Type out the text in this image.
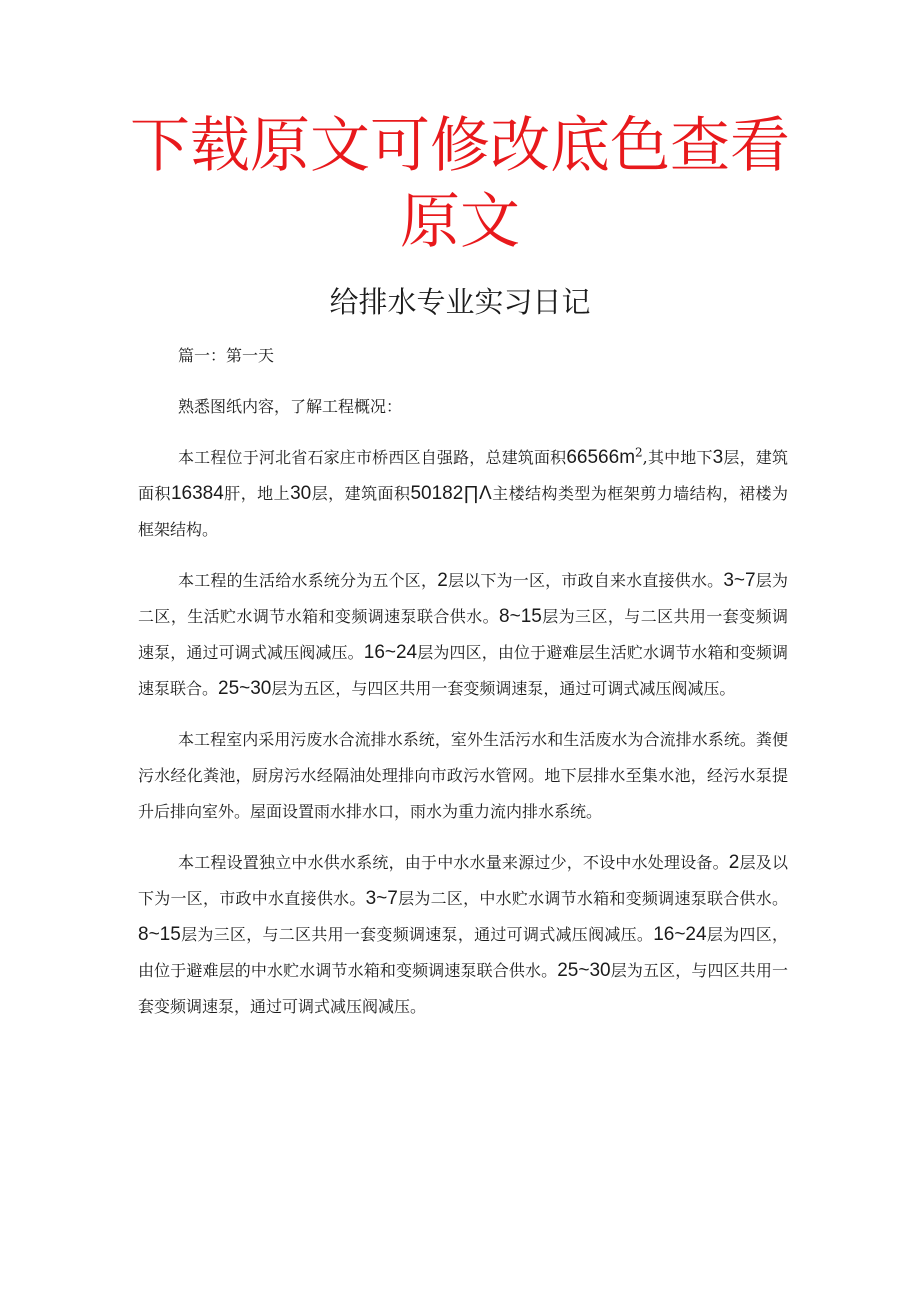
下载原文可修改底色查看
原文
给排水专业实习日记
篇一：第一天
熟悉图纸内容，了解工程概况：
本工程位于河北省石家庄市桥西区自强路，总建筑面积$66566m^2$,其中地下3层，建筑面积16384肝，地上30层，建筑面积50182∏Λ主楼结构类型为框架剪力墙结构，裙楼为框架结构。
本工程的生活给水系统分为五个区，2层以下为一区，市政自来水直接供水。3~7层为二区，生活贮水调节水箱和变频调速泵联合供水。8~15层为三区，与二区共用一套变频调速泵，通过可调式减压阀减压。16~24层为四区，由位于避难层生活贮水调节水箱和变频调速泵联合。25~30层为五区，与四区共用一套变频调速泵，通过可调式减压阀减压。
本工程室内采用污废水合流排水系统，室外生活污水和生活废水为合流排水系统。粪便污水经化粪池，厨房污水经隔油处理排向市政污水管网。地下层排水至集水池，经污水泵提升后排向室外。屋面设置雨水排水口，雨水为重力流内排水系统。
本工程设置独立中水供水系统，由于中水水量来源过少，不设中水处理设备。2层及以下为一区，市政中水直接供水。3~7层为二区，中水贮水调节水箱和变频调速泵联合供水。8~15层为三区，与二区共用一套变频调速泵，通过可调式减压阀减压。16~24层为四区，由位于避难层的中水贮水调节水箱和变频调速泵联合供水。25~30层为五区，与四区共用一套变频调速泵，通过可调式减压阀减压。
